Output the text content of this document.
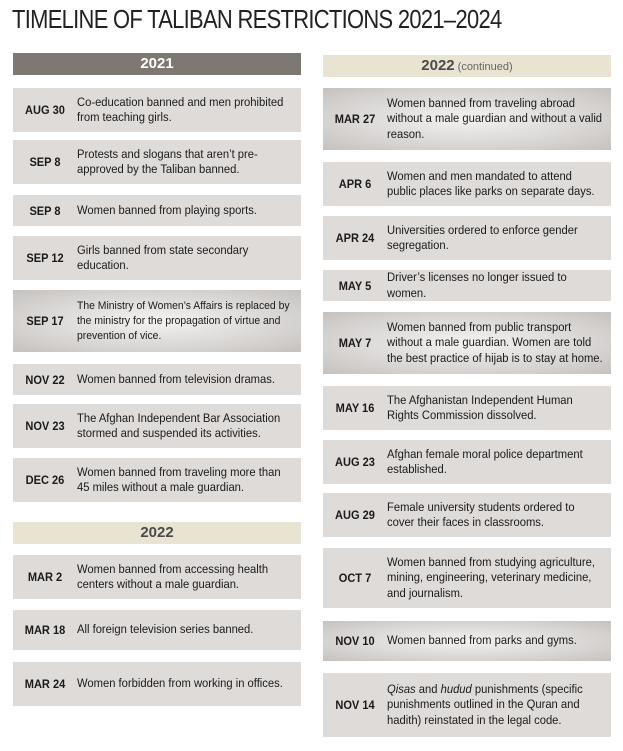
TIMELINE OF TALIBAN RESTRICTIONS 2021–2024
2021
AUG 30
Co-education banned and men prohibited from teaching girls.
SEP 8
Protests and slogans that aren’t pre-approved by the Taliban banned.
SEP 8	Women banned from playing sports.
SEP 12
Girls banned from state secondary education.
SEP 17
The Ministry of Women’s Affairs is replaced by the ministry for the propagation of virtue and prevention of vice.
NOV 22	Women banned from television dramas.
NOV 23
The Afghan Independent Bar Association stormed and suspended its activities.
DEC 26
Women banned from traveling more than 45 miles without a male guardian.
2022
MAR 2
Women banned from accessing health centers without a male guardian.
MAR 18 All foreign television series banned.
MAR 24 Women forbidden from working in offices.
2022 (continued)
MAR 27
Women banned from traveling abroad without a male guardian and without a valid reason.
APR 6
Women and men mandated to attend public places like parks on separate days.
APR 24
Universities ordered to enforce gender segregation.
MAY 5
Driver’s licenses no longer issued to women.
MAY 7
Women banned from public transport without a male guardian. Women are told the best practice of hijab is to stay at home.
MAY 16
The Afghanistan Independent Human Rights Commission dissolved.
AUG 23
Afghan female moral police department established.
AUG 29
Female university students ordered to cover their faces in classrooms.
OCT 7
Women banned from studying agriculture, mining, engineering, veterinary medicine, and journalism.
NOV 10	Women banned from parks and gyms.
NOV 14
Qisas and hudud punishments (specific punishments outlined in the Quran and hadith) reinstated in the legal code.
